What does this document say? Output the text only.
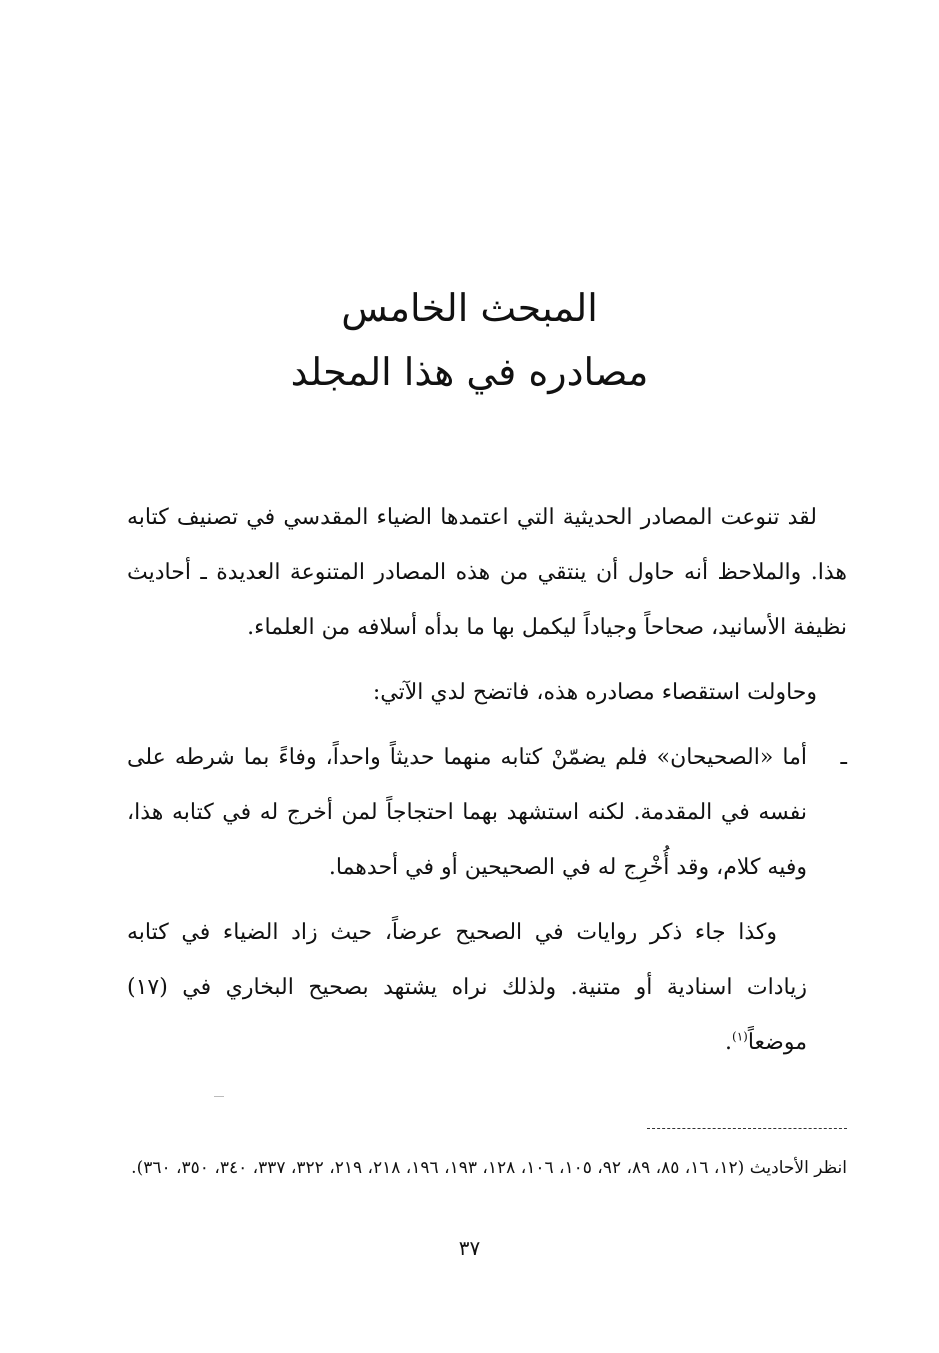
المبحث الخامس
مصادره في هذا المجلد

لقد تنوعت المصادر الحديثية التي اعتمدها الضياء المقدسي في تصنيف كتابه هذا. والملاحظ أنه حاول أن ينتقي من هذه المصادر المتنوعة العديدة ـ أحاديث نظيفة الأسانيد، صحاحاً وجياداً ليكمل بها ما بدأه أسلافه من العلماء.

وحاولت استقصاء مصادره هذه، فاتضح لدي الآتي:

ـ
أما «الصحيحان» فلم يضمّنْ كتابه منهما حديثاً واحداً، وفاءً بما شرطه على نفسه في المقدمة. لكنه استشهد بهما احتجاجاً لمن أخرج له في كتابه هذا، وفيه كلام، وقد أُخْرِج له في الصحيحين أو في أحدهما.

وكذا جاء ذكر روايات في الصحيح عرضاً، حيث زاد الضياء في كتابه زيادات اسنادية أو متنية. ولذلك نراه يشتهد بصحيح البخاري في (١٧) موضعاً$^{(١)}$.

انظر الأحاديث (١٢، ١٦، ٨٥، ٨٩، ٩٢، ١٠٥، ١٠٦، ١٢٨، ١٩٣، ١٩٦، ٢١٨، ٢١٩، ٣٢٢، ٣٣٧، ٣٤٠، ٣٥٠، ٣٦٠).

٣٧
